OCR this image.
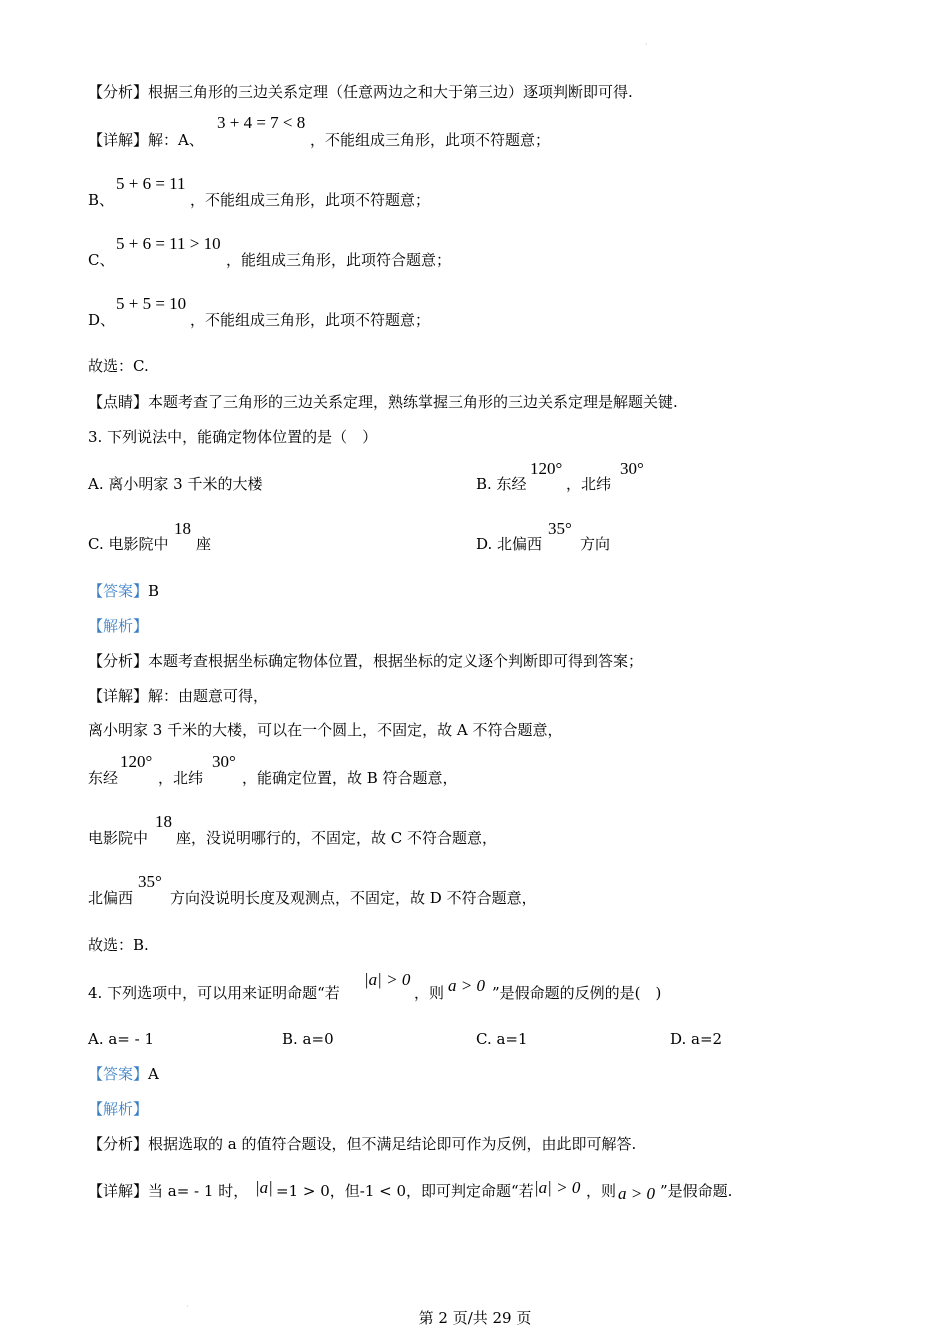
·
【分析】根据三角形的三边关系定理（任意两边之和大于第三边）逐项判断即可得.
【详解】解：A、
3 + 4 = 7 < 8
，不能组成三角形，此项不符题意；
B、
5 + 6 = 11
，不能组成三角形，此项不符题意；
C、
5 + 6 = 11 > 10
，能组成三角形，此项符合题意；
D、
5 + 5 = 10
，不能组成三角形，此项不符题意；
故选：C.
【点睛】本题考查了三角形的三边关系定理，熟练掌握三角形的三边关系定理是解题关键.
3. 下列说法中，能确定物体位置的是（　）
A. 离小明家 3 千米的大楼	B. 东经
120°
，北纬
30°
C. 电影院中
18
座	D. 北偏西
35°
方向
【答案】B
【解析】
【分析】本题考查根据坐标确定物体位置，根据坐标的定义逐个判断即可得到答案；
【详解】解：由题意可得，
离小明家 3 千米的大楼，可以在一个圆上，不固定，故 A 不符合题意，
东经
120°
，北纬
30°
，能确定位置，故 B 符合题意，
电影院中
18
座，没说明哪行的，不固定，故 C 不符合题意，
北偏西
35°
方向没说明长度及观测点，不固定，故 D 不符合题意，
故选：B.
4. 下列选项中，可以用来证明命题“若
|a| > 0
，则 a > 0 ”是假命题的反例的是(　)
A. a= - 1	B. a=0	C. a=1	D. a=2
【答案】A
【解析】
【分析】根据选取的 a 的值符合题设，但不满足结论即可作为反例，由此即可解答.
【详解】当 a= - 1 时， |a| =1 > 0，但-1 < 0，即可判定命题“若 |a| > 0 ，则 a > 0 ”是假命题.
·
第 2 页/共 29 页
